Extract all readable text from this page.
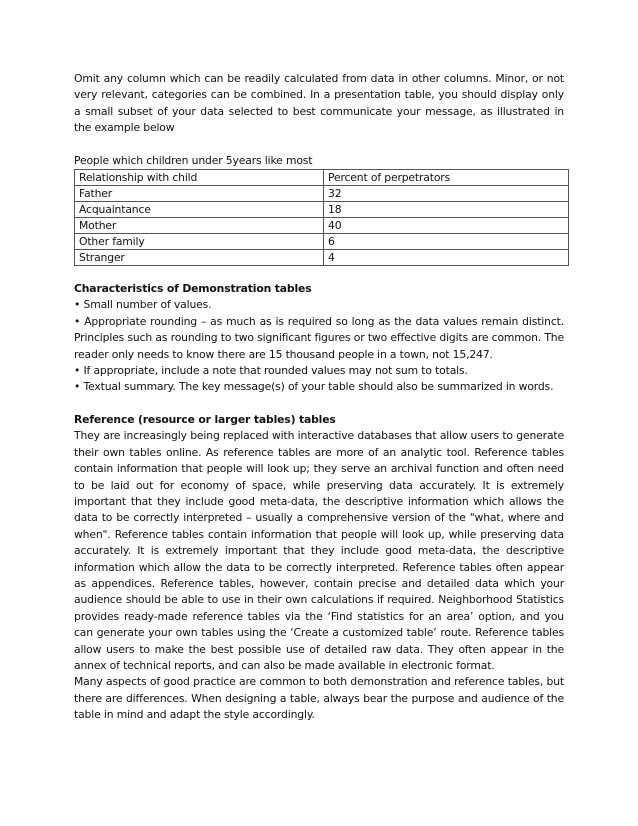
Omit any column which can be readily calculated from data in other columns. Minor, or not very relevant, categories can be combined. In a presentation table, you should display only a small subset of your data selected to best communicate your message, as illustrated in the example below

People which children under 5years like most

Relationship with child	Percent of perpetrators
Father	32
Acquaintance	18
Mother	40
Other family	6
Stranger	4
Characteristics of Demonstration tables

• Small number of values.

• Appropriate rounding – as much as is required so long as the data values remain distinct. Principles such as rounding to two significant figures or two effective digits are common. The reader only needs to know there are 15 thousand people in a town, not 15,247.

• If appropriate, include a note that rounded values may not sum to totals.

• Textual summary. The key message(s) of your table should also be summarized in words.

Reference (resource or larger tables) tables

They are increasingly being replaced with interactive databases that allow users to generate their own tables online. As reference tables are more of an analytic tool. Reference tables contain information that people will look up; they serve an archival function and often need to be laid out for economy of space, while preserving data accurately. It is extremely important that they include good meta-data, the descriptive information which allows the data to be correctly interpreted – usually a comprehensive version of the "what, where and when". Reference tables contain information that people will look up, while preserving data accurately. It is extremely important that they include good meta-data, the descriptive information which allow the data to be correctly interpreted. Reference tables often appear as appendices. Reference tables, however, contain precise and detailed data which your audience should be able to use in their own calculations if required. Neighborhood Statistics provides ready-made reference tables via the ‘Find statistics for an area’ option, and you can generate your own tables using the ‘Create a customized table’ route. Reference tables allow users to make the best possible use of detailed raw data. They often appear in the annex of technical reports, and can also be made available in electronic format.

Many aspects of good practice are common to both demonstration and reference tables, but there are differences. When designing a table, always bear the purpose and audience of the table in mind and adapt the style accordingly.
